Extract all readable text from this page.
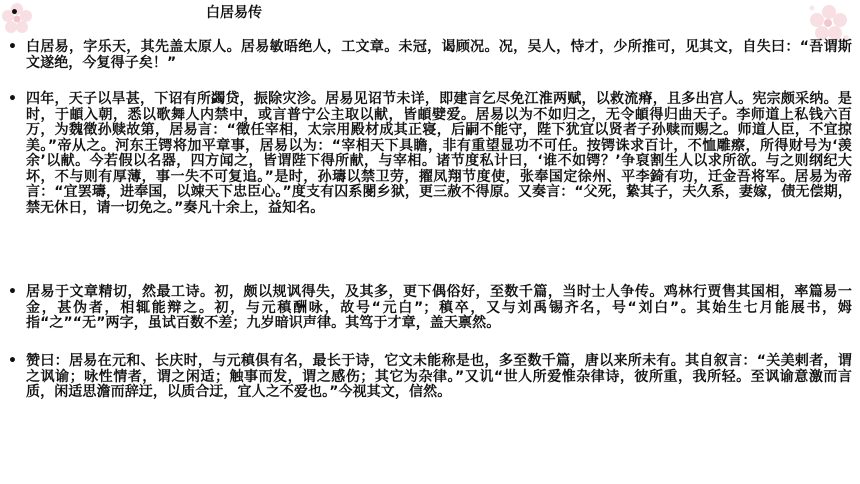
•	白居易传

• 白居易，字乐天，其先盖太原人。居易敏晤绝人，工文章。未冠，谒顾况。况，吴人，恃才，少所推可，见其文，自失曰：“吾谓斯文遂绝，今复得子矣！”

• 四年，天子以旱甚，下诏有所蠲贷，振除灾沴。居易见诏节未详，即建言乞尽免江淮两赋，以救流瘠，且多出宫人。宪宗颇采纳。是时，于頔入朝，悉以歌舞人内禁中，或言普宁公主取以献，皆頔嬖爱。居易以为不如归之，无令頔得归曲天子。李师道上私钱六百万，为魏徵孙赎故第，居易言：“徵任宰相，太宗用殿材成其正寝，后嗣不能守，陛下犹宜以贤者子孙赎而赐之。师道人臣，不宜掠美。”帝从之。河东王锷将加平章事，居易以为：“宰相天下具瞻，非有重望显功不可任。按锷诛求百计，不恤雕瘵，所得财号为‘羡余’以献。今若假以名器，四方闻之，皆谓陛下得所献，与宰相。诸节度私计曰，‘谁不如锷？’争裒割生人以求所欲。与之则纲纪大坏，不与则有厚薄，事一失不可复追。”是时，孙璹以禁卫劳，擢凤翔节度使，张奉国定徐州、平李錡有功，迁金吾将军。居易为帝言：“宜罢璹，进奉国，以竦天下忠臣心。”度支有囚系閿乡狱，更三赦不得原。又奏言：“父死，絷其子，夫久系，妻嫁，债无偿期，禁无休日，请一切免之。”奏凡十余上，益知名。

• 居易于文章精切，然最工诗。初，颇以规讽得失，及其多，更下偶俗好，至数千篇，当时士人争传。鸡林行贾售其国相，率篇易一金，甚伪者，相辄能辩之。初，与元稹酬咏，故号“元白”；稹卒，又与刘禹锡齐名，号“刘白”。其始生七月能展书，姆指“之”“无”两字，虽试百数不差；九岁暗识声律。其笃于才章，盖天禀然。

• 赞曰：居易在元和、长庆时，与元稹俱有名，最长于诗，它文未能称是也，多至数千篇，唐以来所未有。其自叙言：“关美剌者，谓之讽谕；咏性情者，谓之闲适；触事而发，谓之感伤；其它为杂律。”又讥“世人所爱惟杂律诗，彼所重，我所轻。至讽谕意激而言质，闲适思澹而辞迂，以质合迂，宜人之不爱也。”今视其文，信然。
